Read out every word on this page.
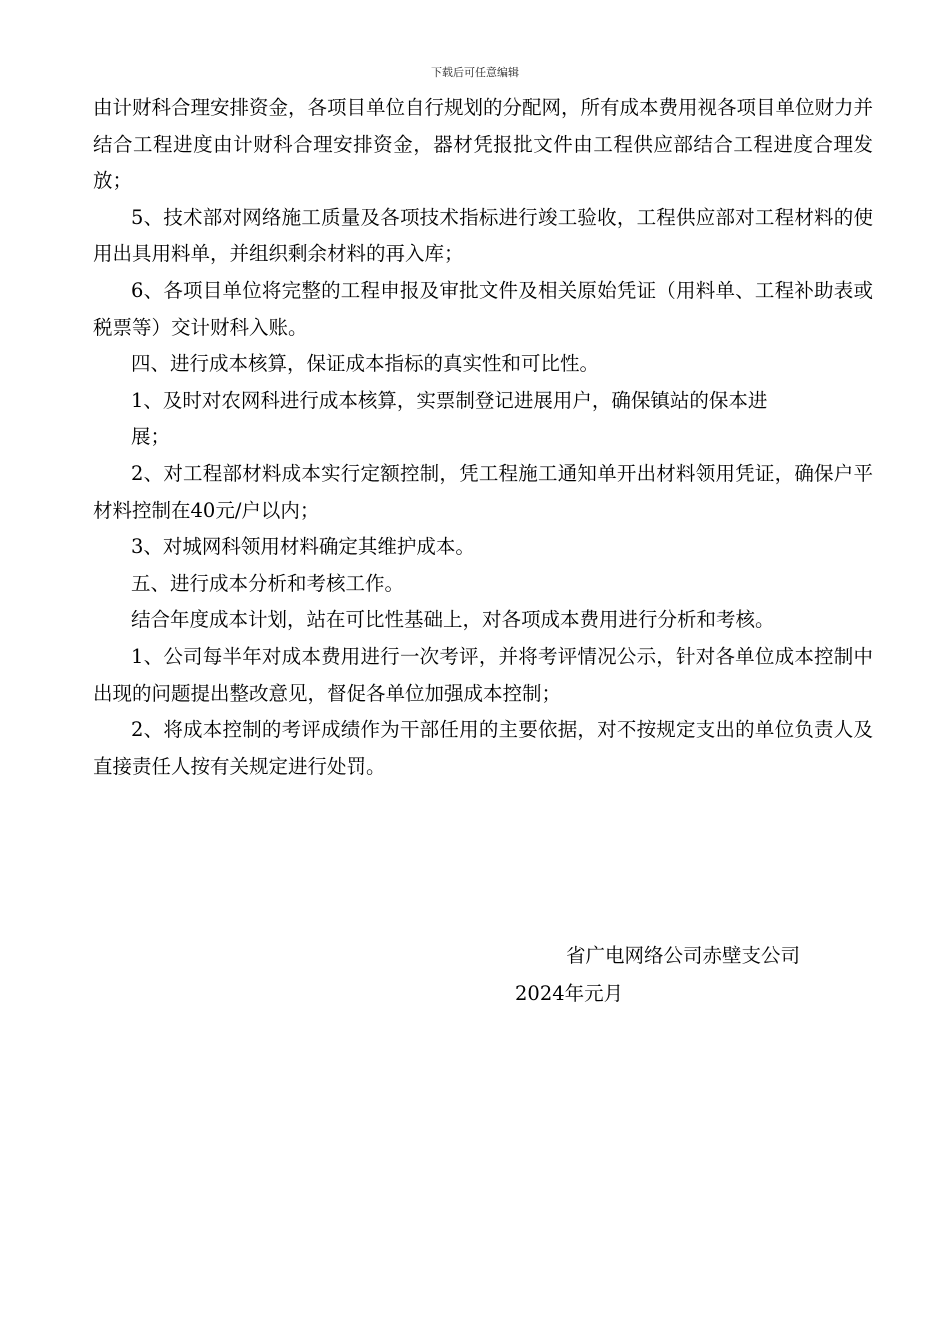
下载后可任意编辑

由计财科合理安排资金，各项目单位自行规划的分配网，所有成本费用视各项目单位财力并结合工程进度由计财科合理安排资金，器材凭报批文件由工程供应部结合工程进度合理发放；

5、技术部对网络施工质量及各项技术指标进行竣工验收，工程供应部对工程材料的使用出具用料单，并组织剩余材料的再入库；

6、各项目单位将完整的工程申报及审批文件及相关原始凭证（用料单、工程补助表或税票等）交计财科入账。

四、进行成本核算，保证成本指标的真实性和可比性。

1、及时对农网科进行成本核算，实票制登记进展用户，确保镇站的保本进

展；

2、对工程部材料成本实行定额控制，凭工程施工通知单开出材料领用凭证，确保户平材料控制在40元/户以内；

3、对城网科领用材料确定其维护成本。

五、进行成本分析和考核工作。

结合年度成本计划，站在可比性基础上，对各项成本费用进行分析和考核。

1、公司每半年对成本费用进行一次考评，并将考评情况公示，针对各单位成本控制中出现的问题提出整改意见，督促各单位加强成本控制；

2、将成本控制的考评成绩作为干部任用的主要依据，对不按规定支出的单位负责人及直接责任人按有关规定进行处罚。

省广电网络公司赤壁支公司
2024年元月
